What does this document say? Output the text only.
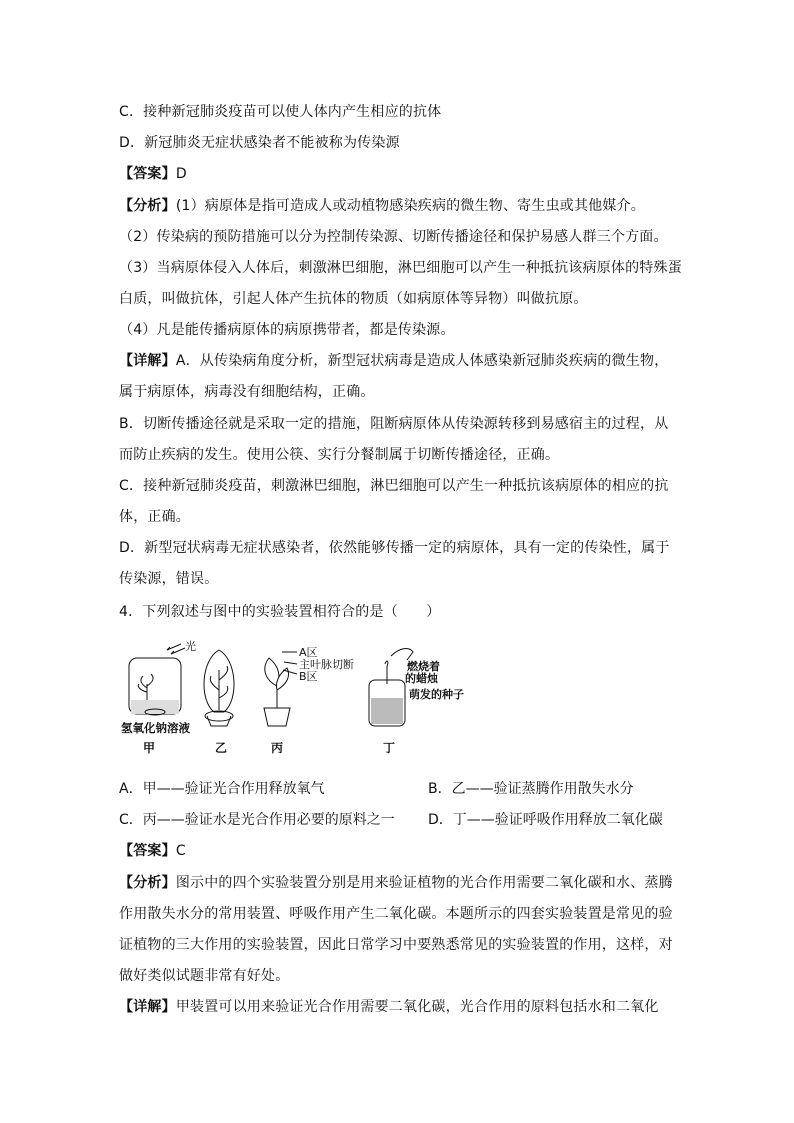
C．接种新冠肺炎疫苗可以使人体内产生相应的抗体
D．新冠肺炎无症状感染者不能被称为传染源
【答案】D
【分析】(1）病原体是指可造成人或动植物感染疾病的微生物、寄生虫或其他媒介。
（2）传染病的预防措施可以分为控制传染源、切断传播途径和保护易感人群三个方面。
（3）当病原体侵入人体后，刺激淋巴细胞，淋巴细胞可以产生一种抵抗该病原体的特殊蛋
白质，叫做抗体，引起人体产生抗体的物质（如病原体等异物）叫做抗原。
（4）凡是能传播病原体的病原携带者，都是传染源。
【详解】A．从传染病角度分析，新型冠状病毒是造成人体感染新冠肺炎疾病的微生物，
属于病原体，病毒没有细胞结构，正确。
B．切断传播途径就是采取一定的措施，阻断病原体从传染源转移到易感宿主的过程，从
而防止疾病的发生。使用公筷、实行分餐制属于切断传播途径，正确。
C．接种新冠肺炎疫苗，刺激淋巴细胞，淋巴细胞可以产生一种抵抗该病原体的相应的抗
体，正确。
D．新型冠状病毒无症状感染者，依然能够传播一定的病原体，具有一定的传染性，属于
传染源，错误。
4．下列叙述与图中的实验装置相符合的是（　　）
光
氢氧化钠溶液
A区
主叶脉切断
B区
燃烧着
的蜡烛
萌发的种子
甲	乙	丙	丁
A．甲——验证光合作用释放氧气	B．乙——验证蒸腾作用散失水分
C．丙——验证水是光合作用必要的原料之一 D．丁——验证呼吸作用释放二氧化碳
【答案】C
【分析】图示中的四个实验装置分别是用来验证植物的光合作用需要二氧化碳和水、蒸腾
作用散失水分的常用装置、呼吸作用产生二氧化碳。本题所示的四套实验装置是常见的验
证植物的三大作用的实验装置，因此日常学习中要熟悉常见的实验装置的作用，这样，对
做好类似试题非常有好处。
【详解】甲装置可以用来验证光合作用需要二氧化碳，光合作用的原料包括水和二氧化
